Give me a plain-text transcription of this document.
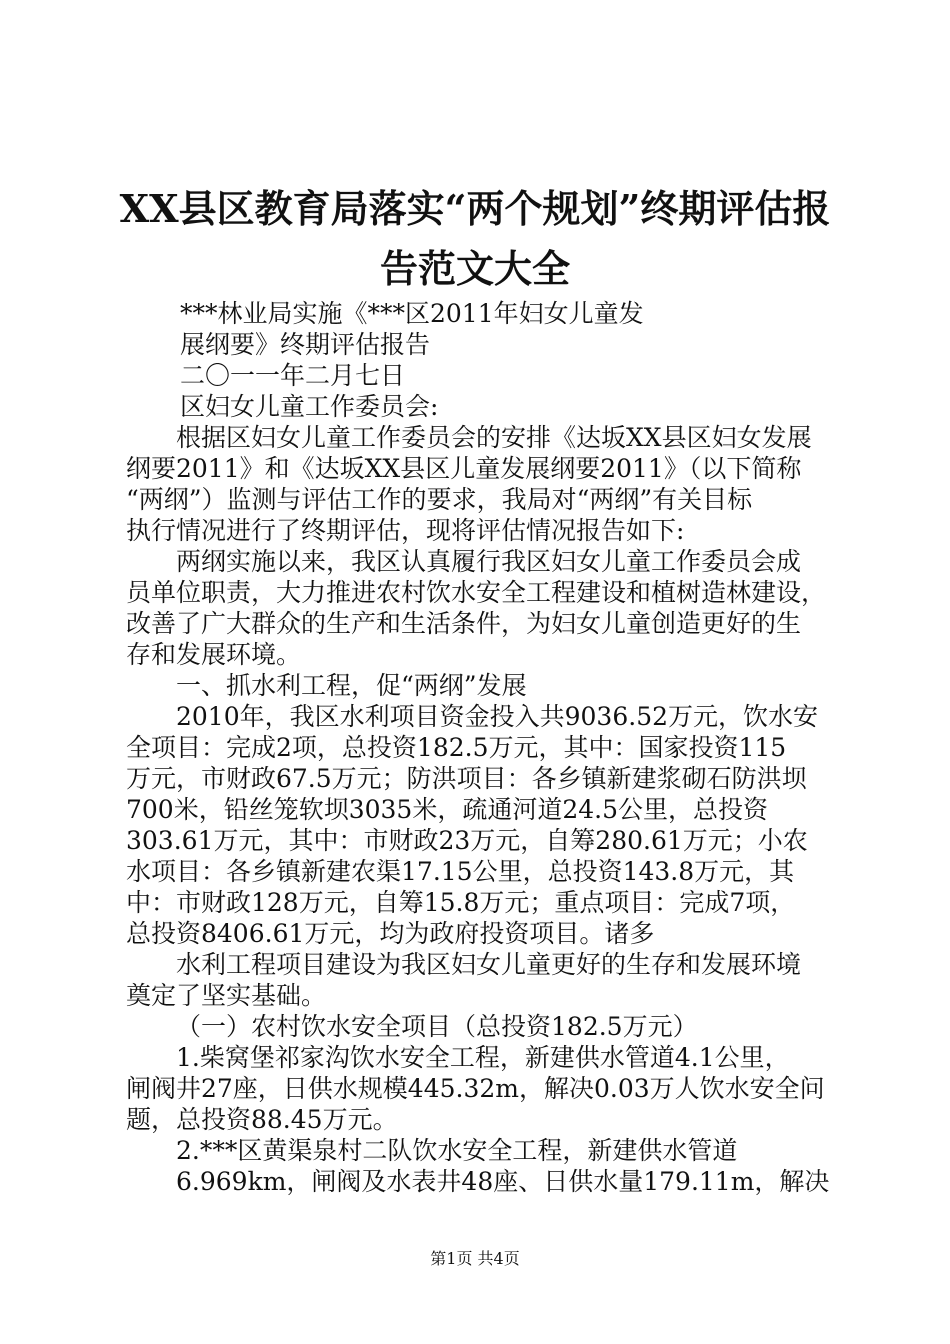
XX县区教育局落实“两个规划”终期评估报
告范文大全

***林业局实施《***区2011年妇女儿童发

展纲要》终期评估报告

二〇一一年二月七日

区妇女儿童工作委员会:

根据区妇女儿童工作委员会的安排《达坂XX县区妇女发展

纲要2011》和《达坂XX县区儿童发展纲要2011》（以下简称

“两纲”）监测与评估工作的要求，我局对“两纲”有关目标

执行情况进行了终期评估，现将评估情况报告如下:

两纲实施以来，我区认真履行我区妇女儿童工作委员会成

员单位职责，大力推进农村饮水安全工程建设和植树造林建设，

改善了广大群众的生产和生活条件，为妇女儿童创造更好的生

存和发展环境。

一、抓水利工程，促“两纲”发展

2010年，我区水利项目资金投入共9036.52万元，饮水安

全项目：完成2项，总投资182.5万元，其中：国家投资115

万元，市财政67.5万元；防洪项目：各乡镇新建浆砌石防洪坝

700米，铅丝笼软坝3035米，疏通河道24.5公里，总投资

303.61万元，其中：市财政23万元，自筹280.61万元；小农

水项目：各乡镇新建农渠17.15公里，总投资143.8万元，其

中：市财政128万元，自筹15.8万元；重点项目：完成7项，

总投资8406.61万元，均为政府投资项目。诸多

水利工程项目建设为我区妇女儿童更好的生存和发展环境

奠定了坚实基础。

（一）农村饮水安全项目（总投资182.5万元）

1.柴窝堡祁家沟饮水安全工程，新建供水管道4.1公里，

闸阀井27座，日供水规模445.32m，解决0.03万人饮水安全问

题，总投资88.45万元。

2.***区黄渠泉村二队饮水安全工程，新建供水管道

6.969km，闸阀及水表井48座、日供水量179.11m，解决

第1页 共4页
